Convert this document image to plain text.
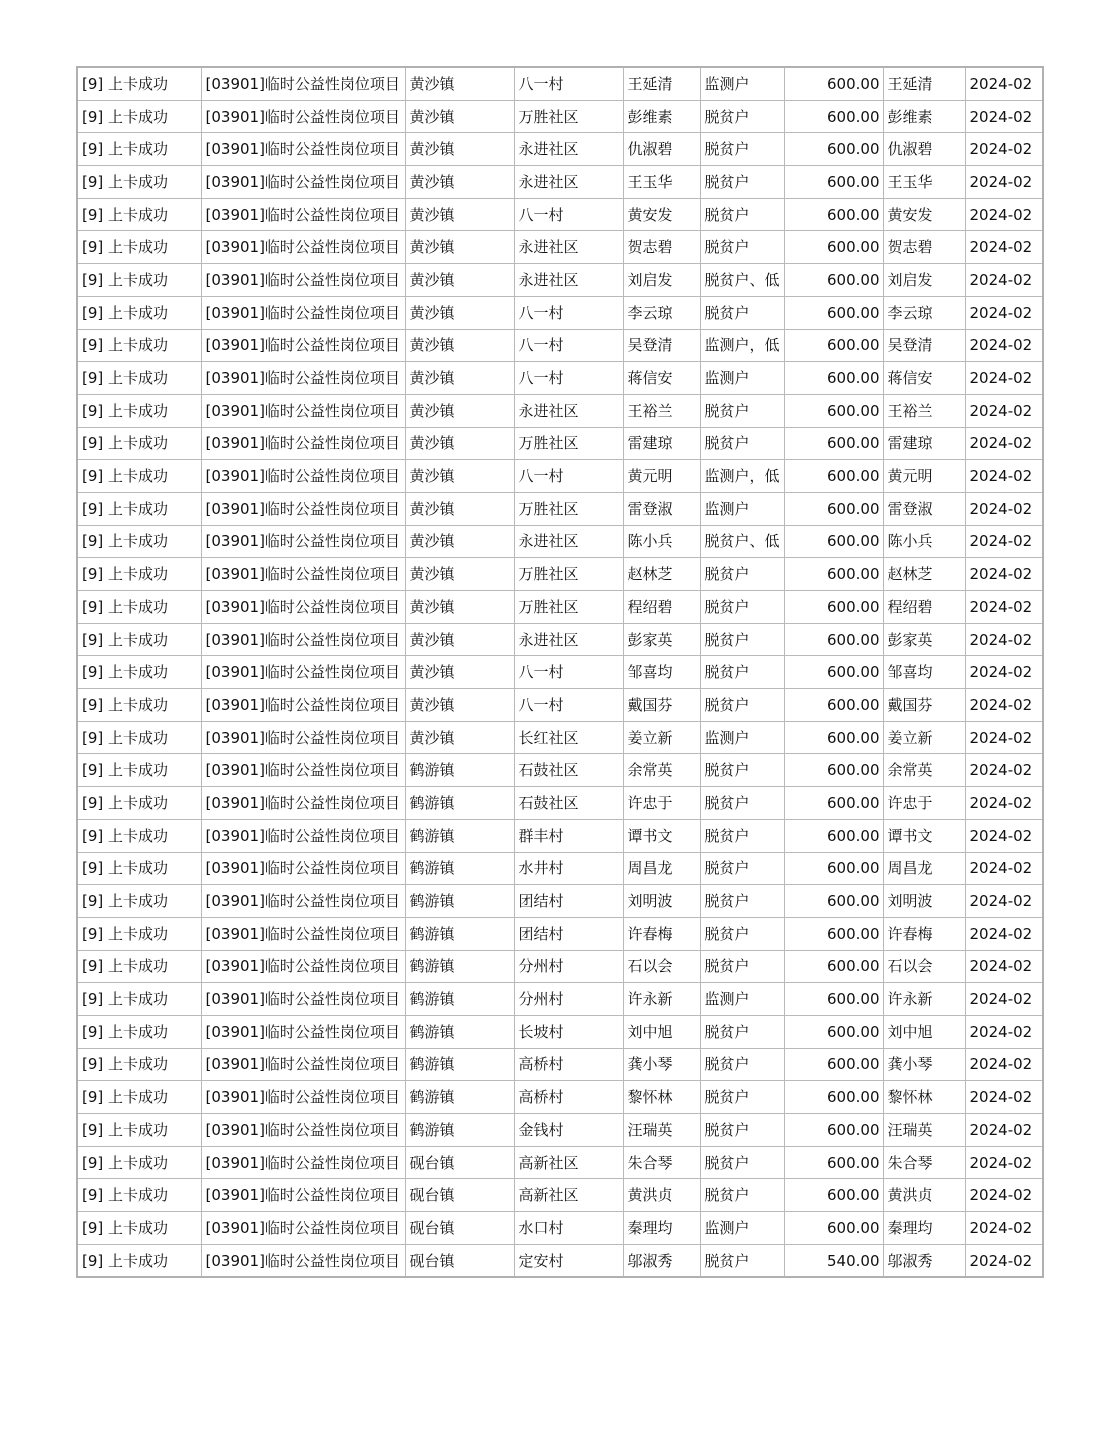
[9] 上卡成功	[03901]临时公益性岗位项目	黄沙镇	八一村	王延清	监测户	600.00	王延清	2024-02
[9] 上卡成功	[03901]临时公益性岗位项目	黄沙镇	万胜社区	彭维素	脱贫户	600.00	彭维素	2024-02
[9] 上卡成功	[03901]临时公益性岗位项目	黄沙镇	永进社区	仇淑碧	脱贫户	600.00	仇淑碧	2024-02
[9] 上卡成功	[03901]临时公益性岗位项目	黄沙镇	永进社区	王玉华	脱贫户	600.00	王玉华	2024-02
[9] 上卡成功	[03901]临时公益性岗位项目	黄沙镇	八一村	黄安发	脱贫户	600.00	黄安发	2024-02
[9] 上卡成功	[03901]临时公益性岗位项目	黄沙镇	永进社区	贺志碧	脱贫户	600.00	贺志碧	2024-02
[9] 上卡成功	[03901]临时公益性岗位项目	黄沙镇	永进社区	刘启发	脱贫户、低	600.00	刘启发	2024-02
[9] 上卡成功	[03901]临时公益性岗位项目	黄沙镇	八一村	李云琼	脱贫户	600.00	李云琼	2024-02
[9] 上卡成功	[03901]临时公益性岗位项目	黄沙镇	八一村	吴登清	监测户，低	600.00	吴登清	2024-02
[9] 上卡成功	[03901]临时公益性岗位项目	黄沙镇	八一村	蒋信安	监测户	600.00	蒋信安	2024-02
[9] 上卡成功	[03901]临时公益性岗位项目	黄沙镇	永进社区	王裕兰	脱贫户	600.00	王裕兰	2024-02
[9] 上卡成功	[03901]临时公益性岗位项目	黄沙镇	万胜社区	雷建琼	脱贫户	600.00	雷建琼	2024-02
[9] 上卡成功	[03901]临时公益性岗位项目	黄沙镇	八一村	黄元明	监测户，低	600.00	黄元明	2024-02
[9] 上卡成功	[03901]临时公益性岗位项目	黄沙镇	万胜社区	雷登淑	监测户	600.00	雷登淑	2024-02
[9] 上卡成功	[03901]临时公益性岗位项目	黄沙镇	永进社区	陈小兵	脱贫户、低	600.00	陈小兵	2024-02
[9] 上卡成功	[03901]临时公益性岗位项目	黄沙镇	万胜社区	赵林芝	脱贫户	600.00	赵林芝	2024-02
[9] 上卡成功	[03901]临时公益性岗位项目	黄沙镇	万胜社区	程绍碧	脱贫户	600.00	程绍碧	2024-02
[9] 上卡成功	[03901]临时公益性岗位项目	黄沙镇	永进社区	彭家英	脱贫户	600.00	彭家英	2024-02
[9] 上卡成功	[03901]临时公益性岗位项目	黄沙镇	八一村	邹喜均	脱贫户	600.00	邹喜均	2024-02
[9] 上卡成功	[03901]临时公益性岗位项目	黄沙镇	八一村	戴国芬	脱贫户	600.00	戴国芬	2024-02
[9] 上卡成功	[03901]临时公益性岗位项目	黄沙镇	长红社区	姜立新	监测户	600.00	姜立新	2024-02
[9] 上卡成功	[03901]临时公益性岗位项目	鹤游镇	石鼓社区	余常英	脱贫户	600.00	余常英	2024-02
[9] 上卡成功	[03901]临时公益性岗位项目	鹤游镇	石鼓社区	许忠于	脱贫户	600.00	许忠于	2024-02
[9] 上卡成功	[03901]临时公益性岗位项目	鹤游镇	群丰村	谭书文	脱贫户	600.00	谭书文	2024-02
[9] 上卡成功	[03901]临时公益性岗位项目	鹤游镇	水井村	周昌龙	脱贫户	600.00	周昌龙	2024-02
[9] 上卡成功	[03901]临时公益性岗位项目	鹤游镇	团结村	刘明波	脱贫户	600.00	刘明波	2024-02
[9] 上卡成功	[03901]临时公益性岗位项目	鹤游镇	团结村	许春梅	脱贫户	600.00	许春梅	2024-02
[9] 上卡成功	[03901]临时公益性岗位项目	鹤游镇	分州村	石以会	脱贫户	600.00	石以会	2024-02
[9] 上卡成功	[03901]临时公益性岗位项目	鹤游镇	分州村	许永新	监测户	600.00	许永新	2024-02
[9] 上卡成功	[03901]临时公益性岗位项目	鹤游镇	长坡村	刘中旭	脱贫户	600.00	刘中旭	2024-02
[9] 上卡成功	[03901]临时公益性岗位项目	鹤游镇	高桥村	龚小琴	脱贫户	600.00	龚小琴	2024-02
[9] 上卡成功	[03901]临时公益性岗位项目	鹤游镇	高桥村	黎怀林	脱贫户	600.00	黎怀林	2024-02
[9] 上卡成功	[03901]临时公益性岗位项目	鹤游镇	金钱村	汪瑞英	脱贫户	600.00	汪瑞英	2024-02
[9] 上卡成功	[03901]临时公益性岗位项目	砚台镇	高新社区	朱合琴	脱贫户	600.00	朱合琴	2024-02
[9] 上卡成功	[03901]临时公益性岗位项目	砚台镇	高新社区	黄洪贞	脱贫户	600.00	黄洪贞	2024-02
[9] 上卡成功	[03901]临时公益性岗位项目	砚台镇	水口村	秦理均	监测户	600.00	秦理均	2024-02
[9] 上卡成功	[03901]临时公益性岗位项目	砚台镇	定安村	邬淑秀	脱贫户	540.00	邬淑秀	2024-02
